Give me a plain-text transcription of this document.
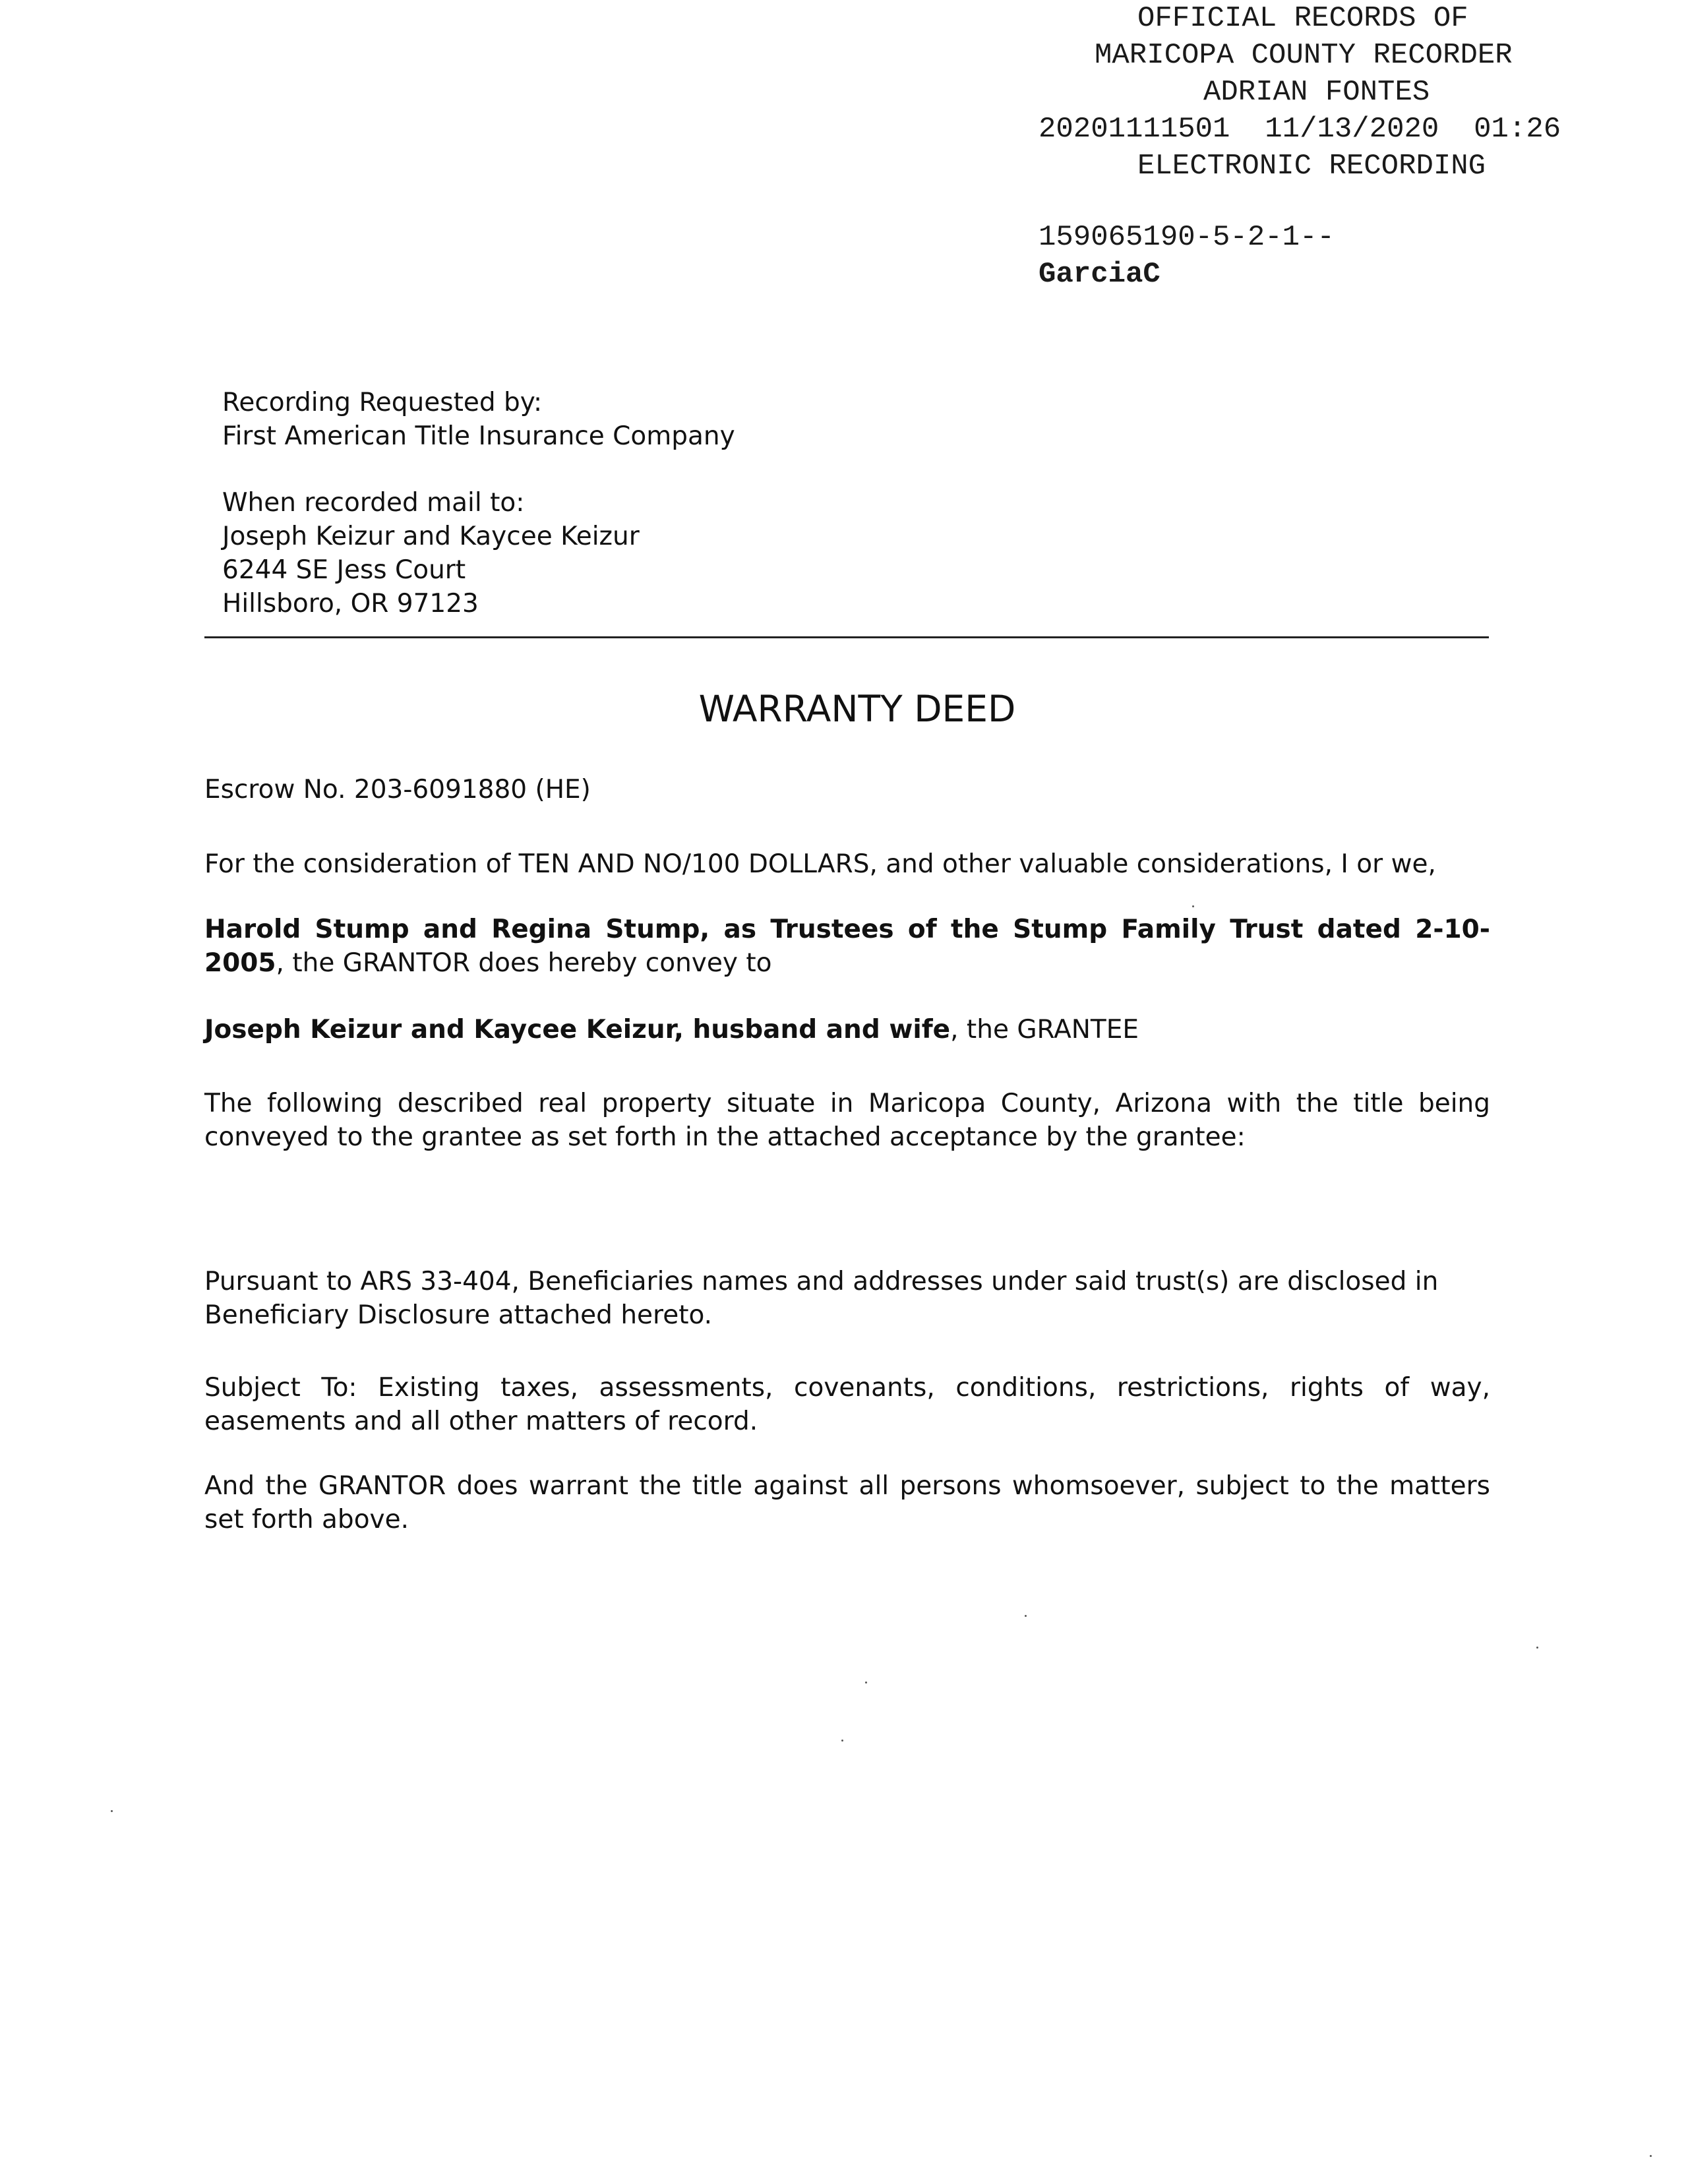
OFFICIAL RECORDS OF
MARICOPA COUNTY RECORDER
ADRIAN FONTES
20201111501  11/13/2020  01:26
ELECTRONIC RECORDING
159065190-5-2-1--
GarciaC
Recording Requested by:
First American Title Insurance Company
When recorded mail to:
Joseph Keizur and Kaycee Keizur
6244 SE Jess Court
Hillsboro, OR 97123
WARRANTY DEED
Escrow No. 203-6091880 (HE)
For the consideration of TEN AND NO/100 DOLLARS, and other valuable considerations, I or we,
Harold Stump and Regina Stump, as Trustees of the Stump Family Trust dated 2-10-2005, the GRANTOR does hereby convey to
Joseph Keizur and Kaycee Keizur, husband and wife, the GRANTEE
The following described real property situate in Maricopa County, Arizona with the title being conveyed to the grantee as set forth in the attached acceptance by the grantee:
Pursuant to ARS 33-404, Beneficiaries names and addresses under said trust(s) are disclosed in Beneficiary Disclosure attached hereto.
Subject To: Existing taxes, assessments, covenants, conditions, restrictions, rights of way, easements and all other matters of record.
And the GRANTOR does warrant the title against all persons whomsoever, subject to the matters set forth above.
